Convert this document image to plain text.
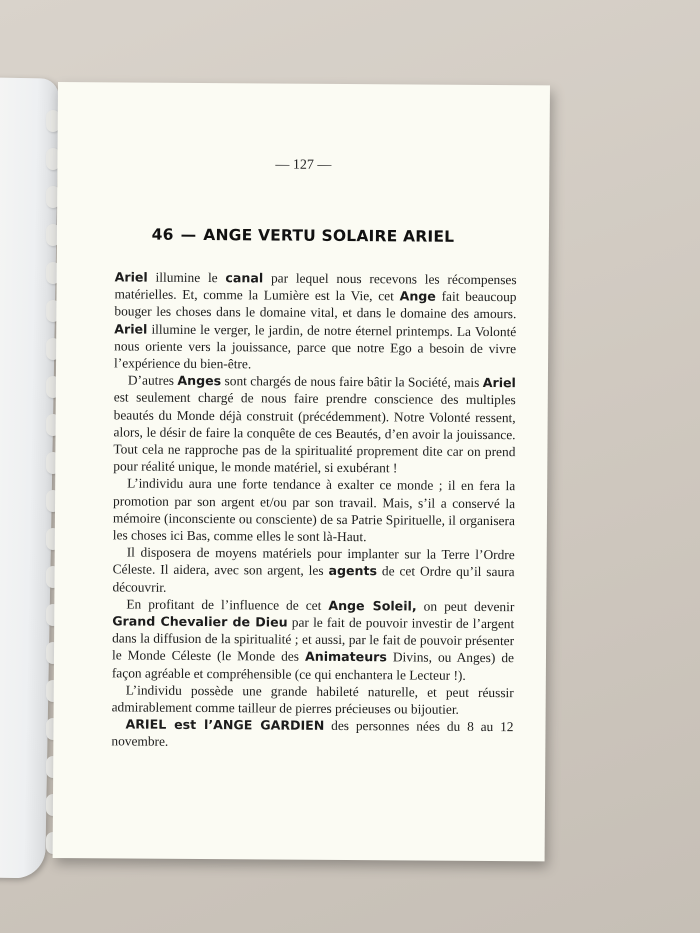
— 127 —
46 — ANGE VERTU SOLAIRE ARIEL

Ariel illumine le canal par lequel nous recevons les récompenses matérielles. Et, comme la Lumière est la Vie, cet Ange fait beaucoup bouger les choses dans le domaine vital, et dans le domaine des amours. Ariel illumine le verger, le jardin, de notre éternel printemps. La Volonté nous oriente vers la jouissance, parce que notre Ego a besoin de vivre l’expérience du bien-être.

D’autres Anges sont chargés de nous faire bâtir la Société, mais Ariel est seulement chargé de nous faire prendre conscience des multiples beautés du Monde déjà construit (précédemment). Notre Volonté ressent, alors, le désir de faire la conquête de ces Beautés, d’en avoir la jouissance. Tout cela ne rapproche pas de la spiritualité proprement dite car on prend pour réalité unique, le monde matériel, si exubérant !

L’individu aura une forte tendance à exalter ce monde ; il en fera la promotion par son argent et/ou par son travail. Mais, s’il a conservé la mémoire (inconsciente ou consciente) de sa Patrie Spirituelle, il organisera les choses ici Bas, comme elles le sont là-Haut.

Il disposera de moyens matériels pour implanter sur la Terre l’Ordre Céleste. Il aidera, avec son argent, les agents de cet Ordre qu’il saura découvrir.

En profitant de l’influence de cet Ange Soleil, on peut devenir Grand Chevalier de Dieu par le fait de pouvoir investir de l’argent dans la diffusion de la spiritualité ; et aussi, par le fait de pouvoir présenter le Monde Céleste (le Monde des Animateurs Divins, ou Anges) de façon agréable et compréhensible (ce qui enchantera le Lecteur !).

L’individu possède une grande habileté naturelle, et peut réussir admirablement comme tailleur de pierres précieuses ou bijoutier.

ARIEL est l’ANGE GARDIEN des personnes nées du 8 au 12 novembre.
